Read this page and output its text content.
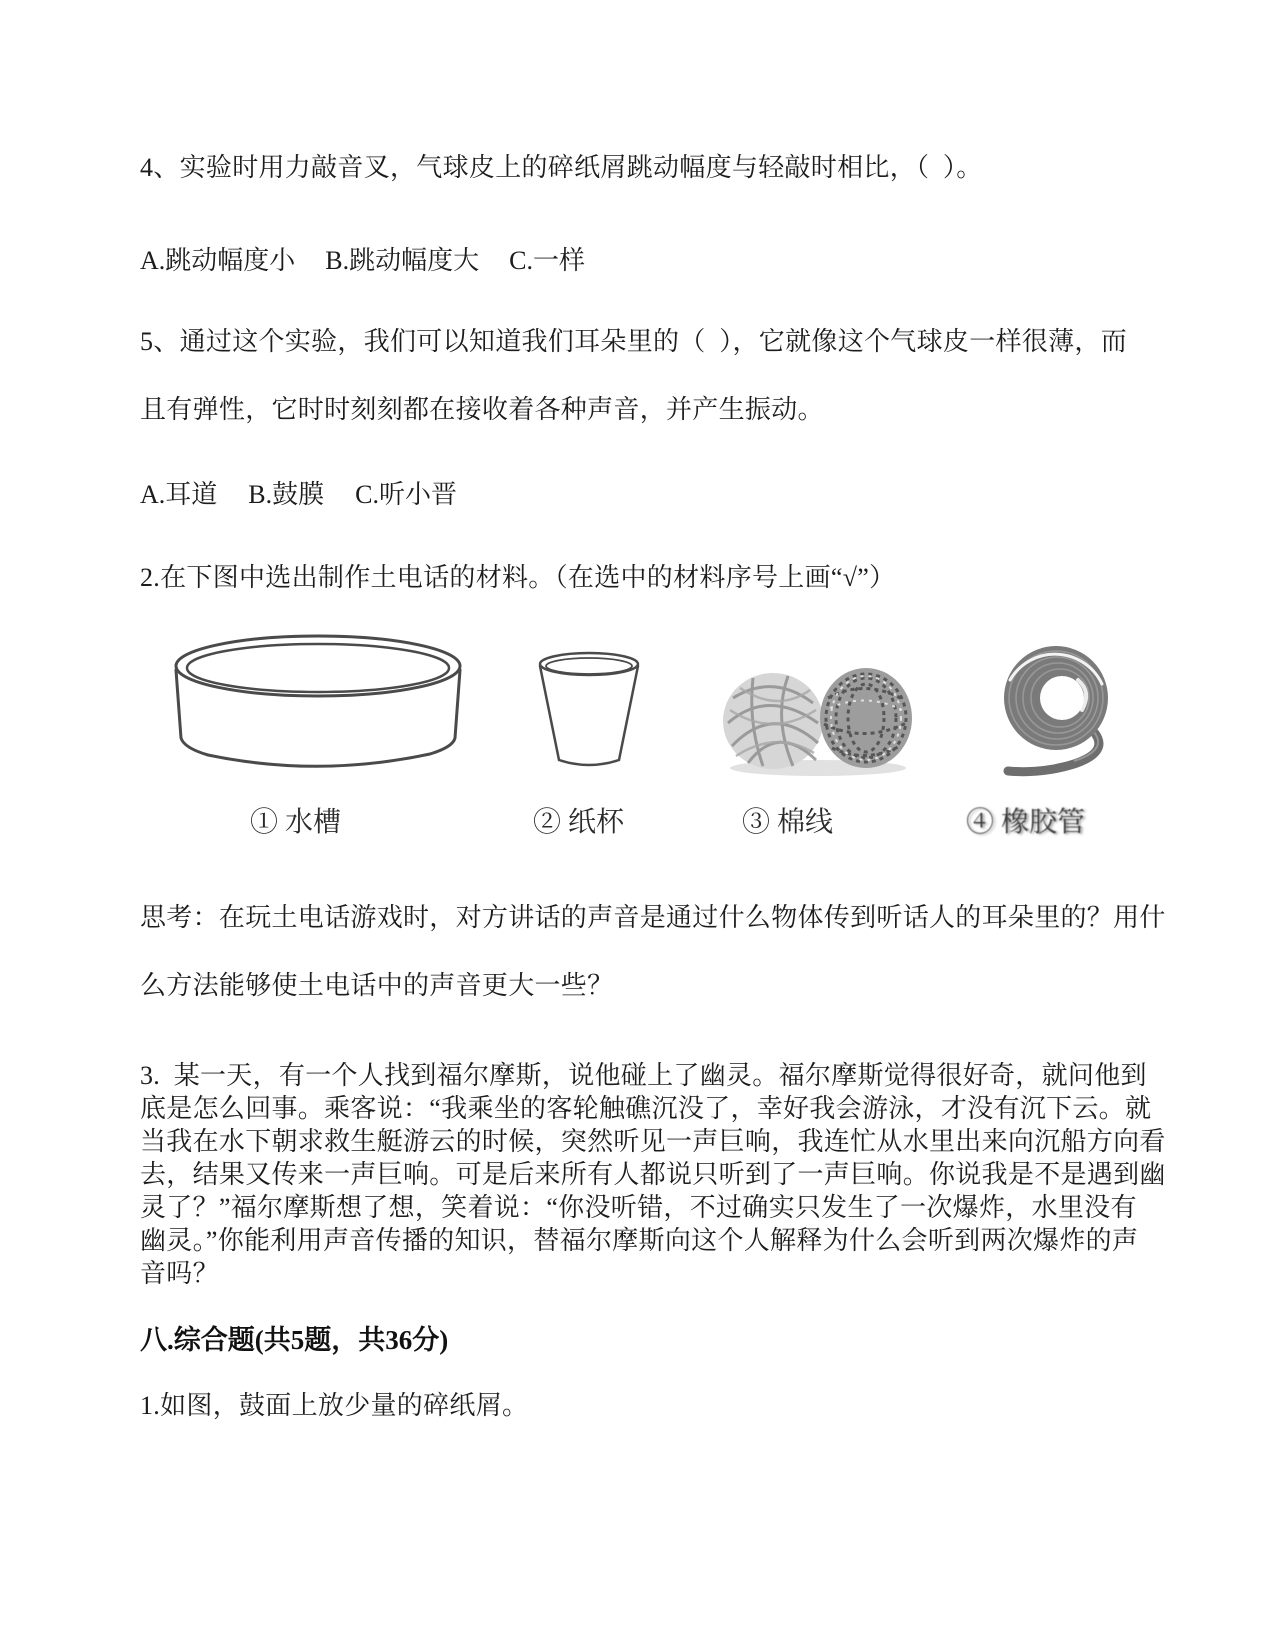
4、实验时用力敲音叉，气球皮上的碎纸屑跳动幅度与轻敲时相比，（  ）。
A.跳动幅度小 B.跳动幅度大 C.一样
5、通过这个实验，我们可以知道我们耳朵里的（  ），它就像这个气球皮一样很薄，而
且有弹性，它时时刻刻都在接收着各种声音，并产生振动。
A.耳道 B.鼓膜 C.听小晋
2.在下图中选出制作土电话的材料。（在选中的材料序号上画“√”）
① 水槽	② 纸杯	③ 棉线	④ 橡胶管
思考：在玩土电话游戏时，对方讲话的声音是通过什么物体传到听话人的耳朵里的？用什
么方法能够使土电话中的声音更大一些？
3.  某一天，有一个人找到福尔摩斯，说他碰上了幽灵。福尔摩斯觉得很好奇，就问他到
底是怎么回事。乘客说：“我乘坐的客轮触礁沉没了，幸好我会游泳，才没有沉下云。就
当我在水下朝求救生艇游云的时候，突然听见一声巨响，我连忙从水里出来向沉船方向看
去，结果又传来一声巨响。可是后来所有人都说只听到了一声巨响。你说我是不是遇到幽
灵了？”福尔摩斯想了想，笑着说：“你没听错，不过确实只发生了一次爆炸，水里没有
幽灵。”你能利用声音传播的知识，替福尔摩斯向这个人解释为什么会听到两次爆炸的声
音吗？
八.综合题(共5题，共36分)
1.如图，鼓面上放少量的碎纸屑。
